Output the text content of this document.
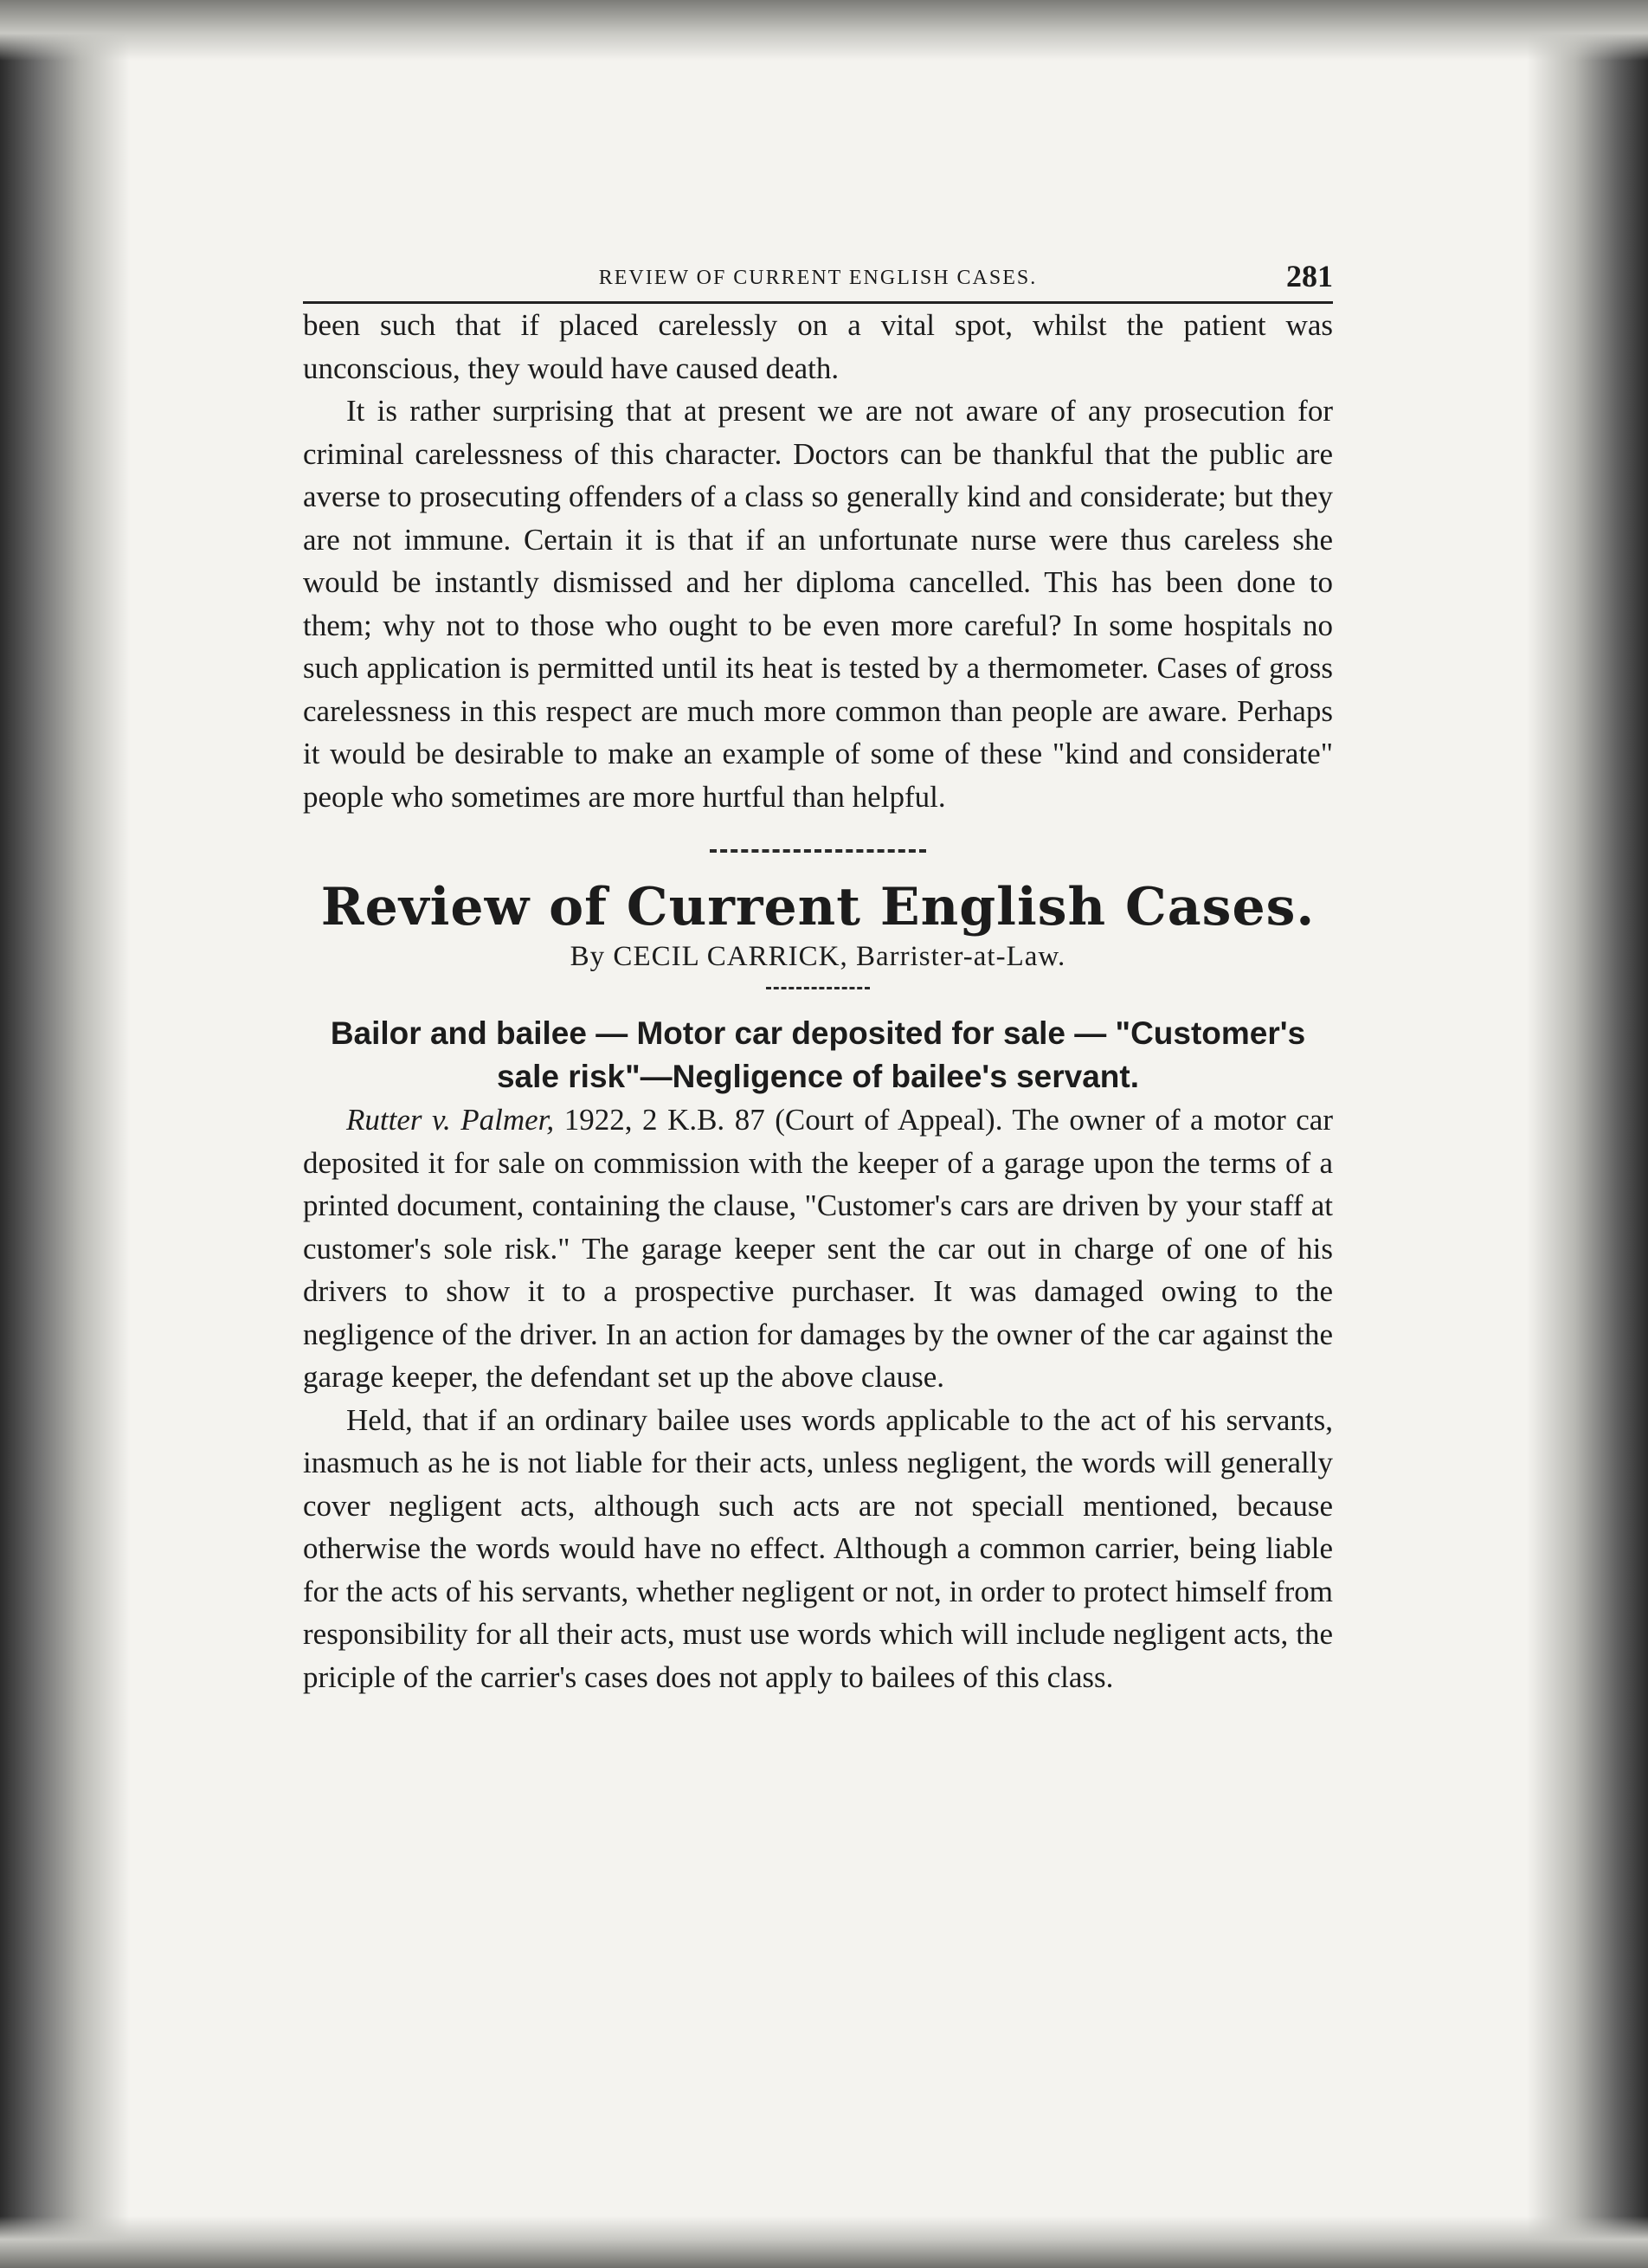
REVIEW OF CURRENT ENGLISH CASES.	281

been such that if placed carelessly on a vital spot, whilst the patient was unconscious, they would have caused death.

It is rather surprising that at present we are not aware of any prosecution for criminal carelessness of this character. Doctors can be thankful that the public are averse to prosecuting offenders of a class so generally kind and considerate; but they are not immune. Certain it is that if an unfortunate nurse were thus careless she would be instantly dismissed and her diploma cancelled. This has been done to them; why not to those who ought to be even more careful? In some hospitals no such application is permitted until its heat is tested by a thermometer. Cases of gross carelessness in this respect are much more common than people are aware. Perhaps it would be desirable to make an example of some of these "kind and considerate" people who sometimes are more hurtful than helpful.

Review of Current English Cases.
By CECIL CARRICK, Barrister-at-Law.
Bailor and bailee — Motor car deposited for sale — "Customer's sale risk"—Negligence of bailee's servant.

Rutter v. Palmer, 1922, 2 K.B. 87 (Court of Appeal). The owner of a motor car deposited it for sale on commission with the keeper of a garage upon the terms of a printed document, containing the clause, "Customer's cars are driven by your staff at customer's sole risk." The garage keeper sent the car out in charge of one of his drivers to show it to a prospective purchaser. It was damaged owing to the negligence of the driver. In an action for damages by the owner of the car against the garage keeper, the defendant set up the above clause.

Held, that if an ordinary bailee uses words applicable to the act of his servants, inasmuch as he is not liable for their acts, unless negligent, the words will generally cover negligent acts, although such acts are not speciall mentioned, because otherwise the words would have no effect. Although a common carrier, being liable for the acts of his servants, whether negligent or not, in order to protect himself from responsibility for all their acts, must use words which will include negligent acts, the priciple of the carrier's cases does not apply to bailees of this class.
